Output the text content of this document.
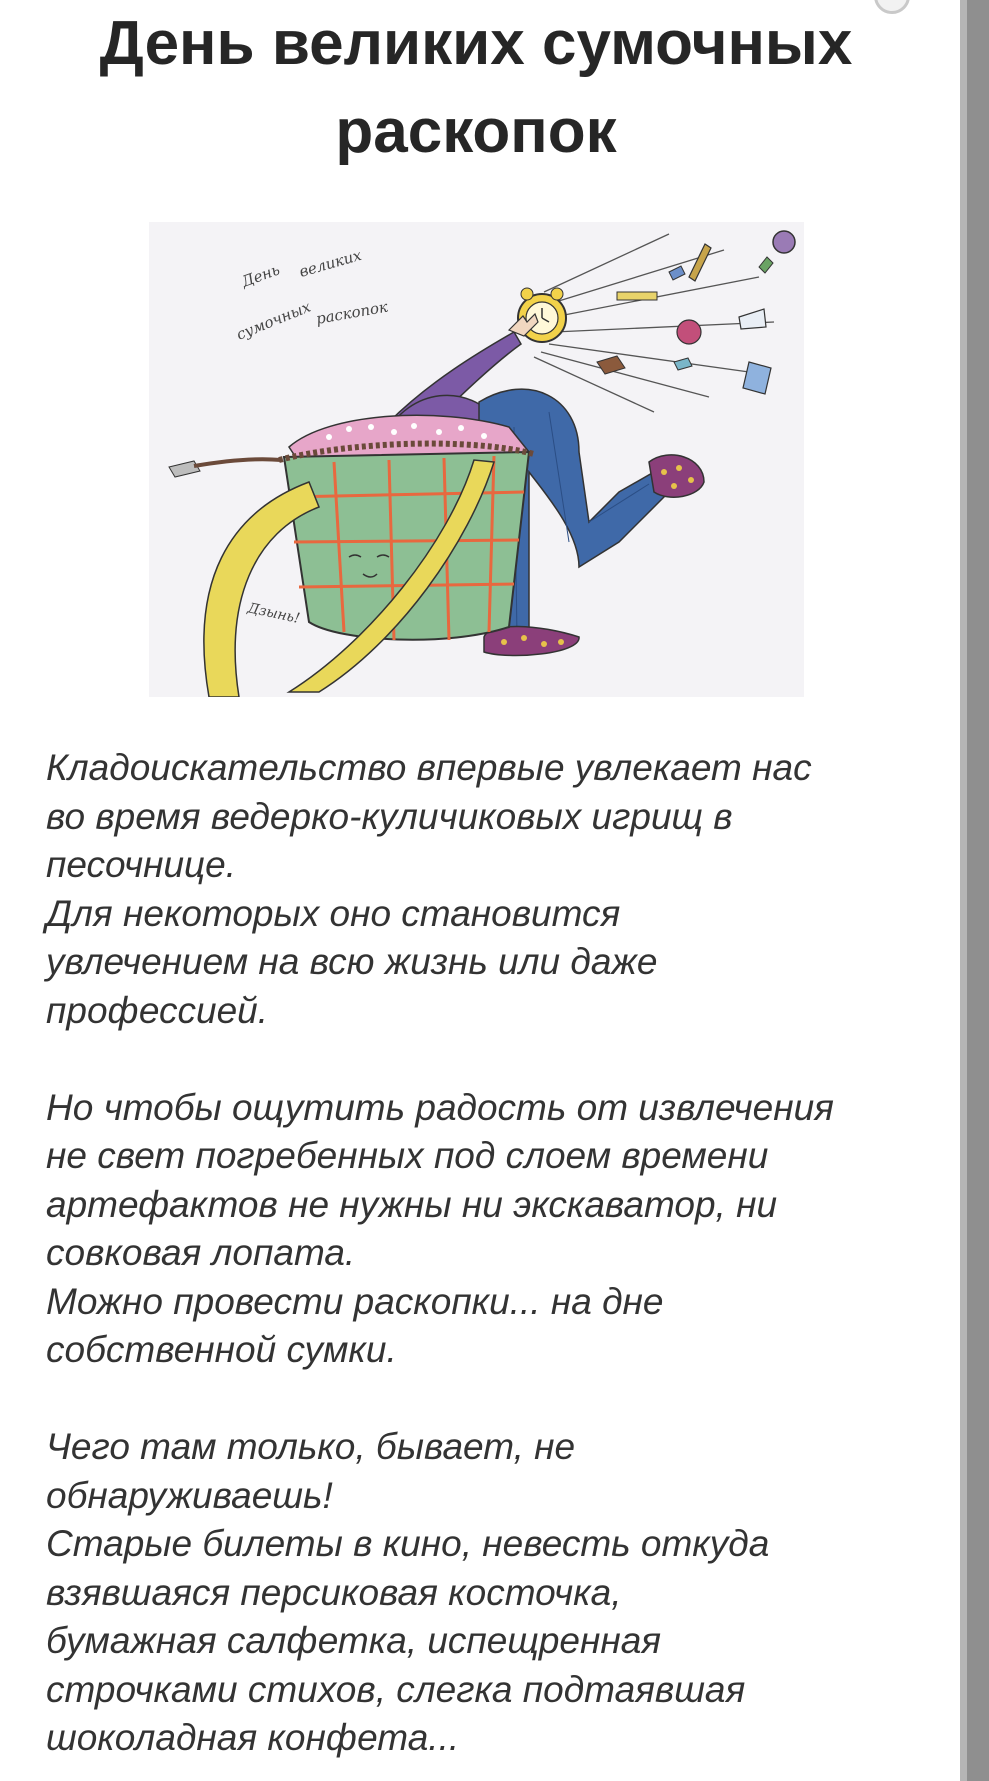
День великих сумочных
раскопок
День великих
сумочных раскопок
Дзынь!

Кладоискательство впервые увлекает нас
во время ведерко-куличиковых игрищ в
песочнице.
Для некоторых оно становится
увлечением на всю жизнь или даже
профессией.

Но чтобы ощутить радость от извлечения
не свет погребенных под слоем времени
артефактов не нужны ни экскаватор, ни
совковая лопата.
Можно провести раскопки... на дне
собственной сумки.

Чего там только, бывает, не
обнаруживаешь!
Старые билеты в кино, невесть откуда
взявшаяся персиковая косточка,
бумажная салфетка, испещренная
строчками стихов, слегка подтаявшая
шоколадная конфета...
